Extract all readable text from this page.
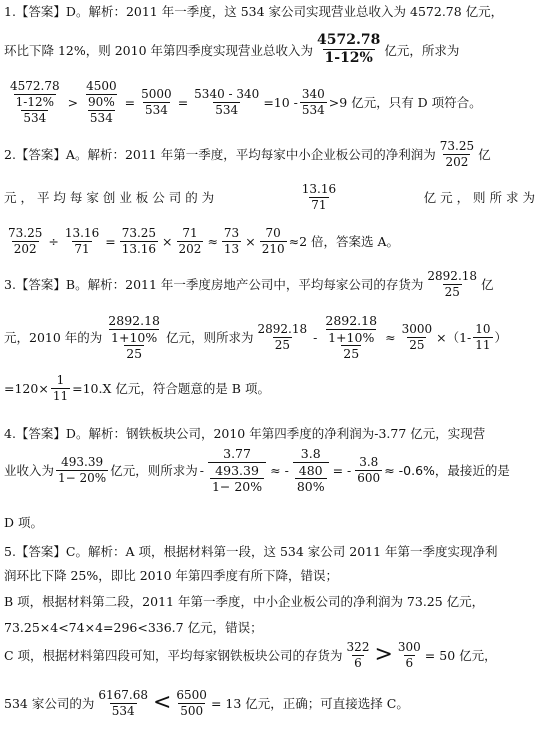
1.【答案】D。解析：2011 年一季度，这 534 家公司实现营业总收入为 4572.78 亿元，
环比下降 12%，则 2010 年第四季度实现营业总收入为 $\frac{4572.78}{1-12\%}$ 亿元，所求为
$\frac{\frac{4572.78}{1-12\%}}{534} > \frac{\frac{4500}{90\%}}{534} = \frac{5000}{534} = \frac{5340 - 340}{534} =10 - \frac{340}{534} >9$ 亿元，只有 D 项符合。
2.【答案】A。解析：2011 年第一季度，平均每家中小企业板公司的净利润为 $\frac{73.25}{202}$ 亿
元 ， 平 均 每 家 创 业 板 公 司 的 为	$\frac{13.16}{71}$	亿 元 ， 则 所 求 为
$\frac{73.25}{202} \div \frac{13.16}{71} = \frac{73.25}{13.16} \times \frac{71}{202} \approx \frac{73}{13} \times \frac{70}{210} \approx 2$ 倍，答案选 A。
3.【答案】B。解析：2011 年一季度房地产公司中，平均每家公司的存货为 $\frac{2892.18}{25}$ 亿
元，2010 年的为 $\frac{\frac{2892.18}{1+10\%}}{25}$ 亿元，则所求为 $\frac{2892.18}{25} - \frac{\frac{2892.18}{1+10\%}}{25} \approx \frac{3000}{25} \times(1- \frac{10}{11}$ ）
$=120\times \frac{1}{11} =10.X$ 亿元，符合题意的是 B 项。
4.【答案】D。解析：钢铁板块公司，2010 年第四季度的净利润为-3.77 亿元，实现营
业收入为 $\frac{493.39}{1- 20\%}$ 亿元，则所求为 - $\frac{3.77}{\frac{493.39}{1- 20\%}}$ ≈ - $\frac{3.8}{\frac{480}{80\%}}$ = - $\frac{3.8}{600} \approx -0.6\%$ ，最接近的是
D 项。
5.【答案】C。解析：A 项，根据材料第一段，这 534 家公司 2011 年第一季度实现净利
润环比下降 25%，即比 2010 年第四季度有所下降，错误；
B 项，根据材料第二段，2011 年第一季度，中小企业板公司的净利润为 73.25 亿元，
73.25×4<74×4=296<336.7 亿元，错误；
C 项，根据材料第四段可知，平均每家钢铁板块公司的存货为 $\frac{322}{6} > \frac{300}{6} = 50$ 亿元，
534 家公司的为 $\frac{6167.68}{534} < \frac{6500}{500} = 13$ 亿元，正确；可直接选择 C。
